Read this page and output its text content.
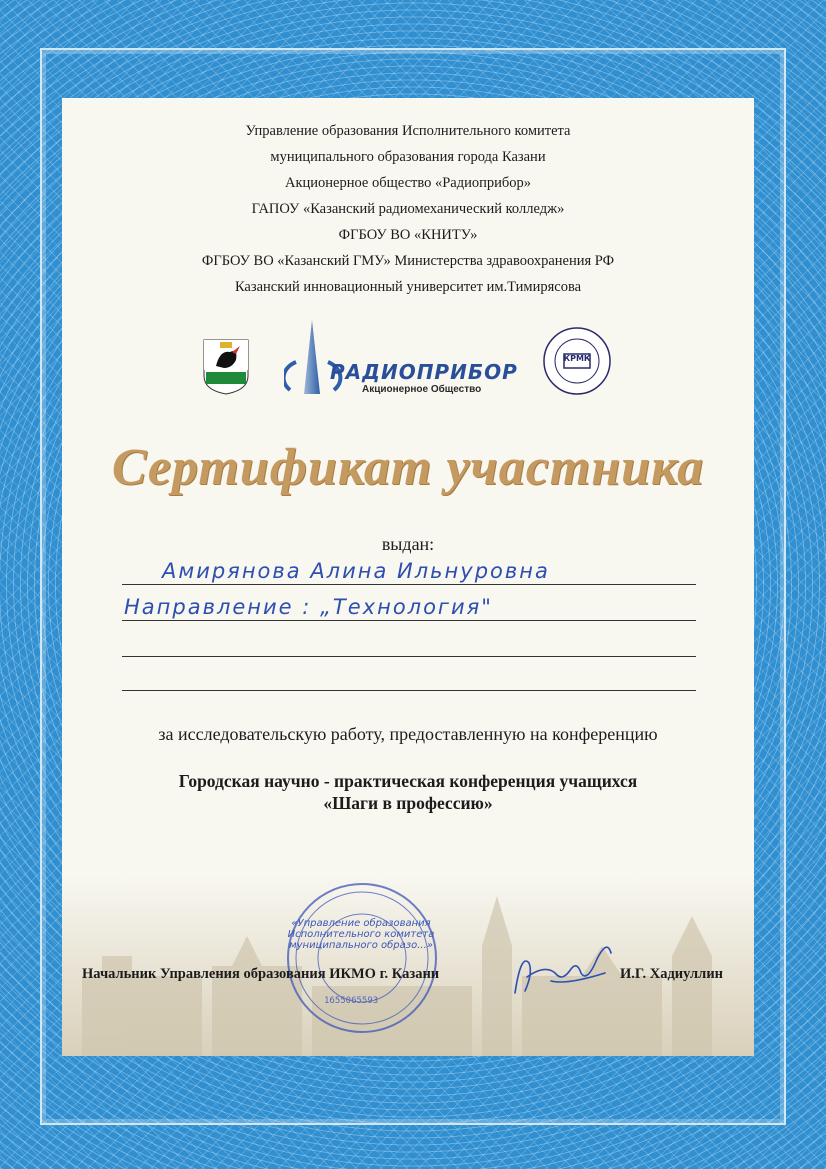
Управление образования Исполнительного комитета
муниципального образования города Казани
Акционерное общество «Радиоприбор»
ГАПОУ «Казанский радиомеханический колледж»
ФГБОУ ВО «КНИТУ»
ФГБОУ ВО «Казанский ГМУ» Министерства здравоохранения РФ
Казанский инновационный университет им.Тимирясова
РАДИОПРИБОР
Акционерное Общество
КРМК
Сертификат участника
выдан:
Амирянова Алина Ильнуровна
Направление : „Технология"
за исследовательскую работу, предоставленную на конференцию
Городская научно - практическая конференция учащихся
«Шаги в профессию»
«Управление образования Исполнительного комитета муниципального образо...»
1655065593
Начальник Управления образования ИКМО г. Казани	И.Г. Хадиуллин
